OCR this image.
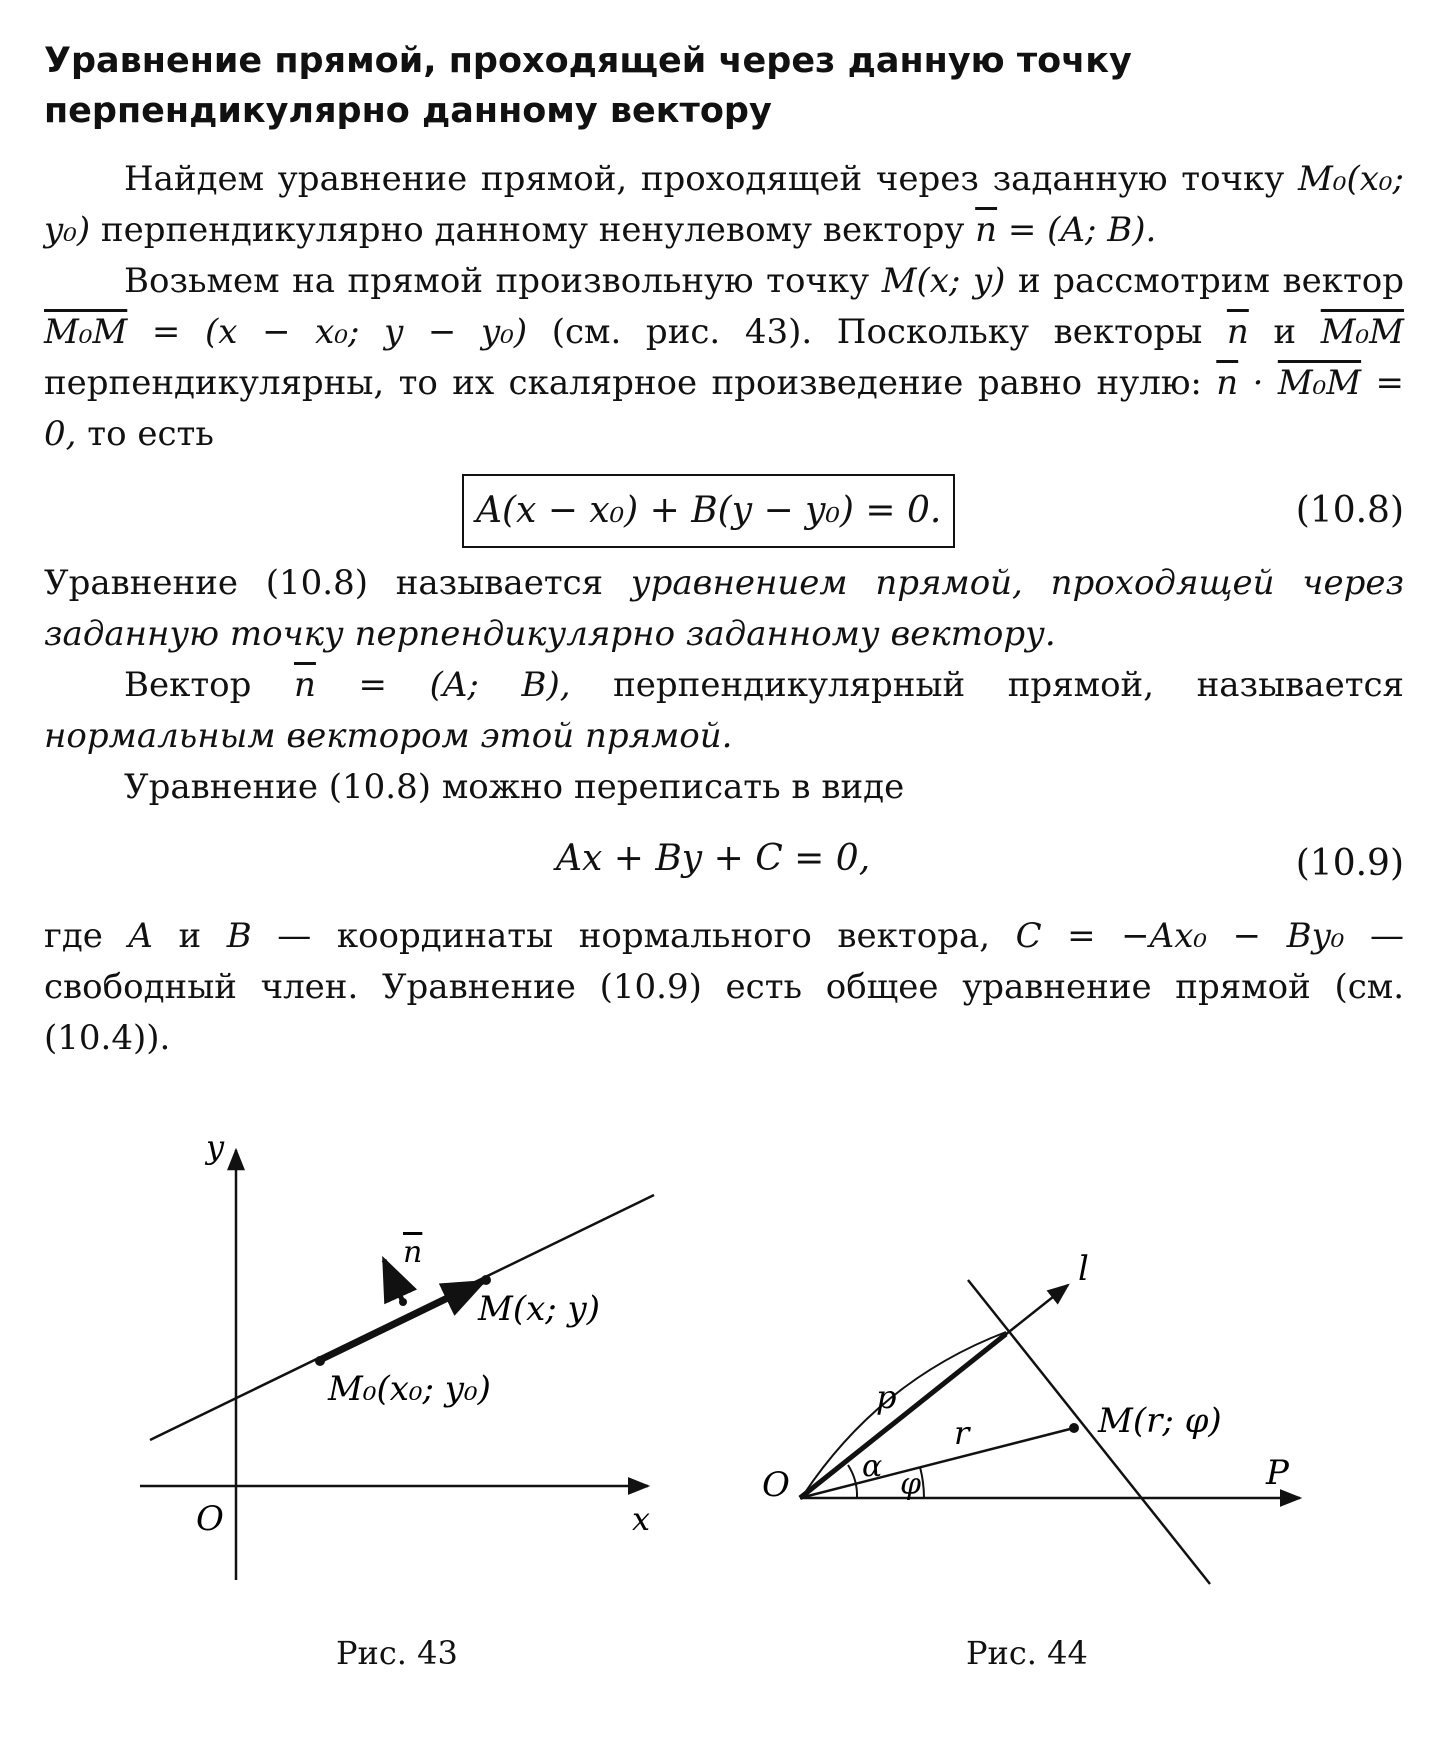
Уравнение прямой, проходящей через данную точку
перпендикулярно данному вектору

Найдем уравнение прямой, проходящей через заданную точку M₀(x₀; y₀) перпендикулярно данному ненулевому вектору $\overline{n} = (A$; B).

Возьмем на прямой произвольную точку M(x; y) и рассмотрим вектор M₀M = (x − x₀; y − y₀) (см. рис. 43). Поскольку векторы $\overline{n}$ и M₀M перпендикулярны, то их скалярное произведение равно нулю: $\overline{n} \cdot M_0M = 0$, то есть

A(x − x₀) + B(y − y₀) = 0.	(10.8)

Уравнение (10.8) называется уравнением прямой, проходящей через заданную точку перпендикулярно заданному вектору.

Вектор $\overline{n} = (A$; B), перпендикулярный прямой, называется нормальным вектором этой прямой.

Уравнение (10.8) можно переписать в виде

Ax + By + C = 0,	(10.9)

где A и B — координаты нормального вектора, C = −Ax₀ − By₀ — свободный член. Уравнение (10.9) есть общее уравнение прямой (см. (10.4)).

y
x
O
n
M(x; y)
M₀(x₀; y₀)
l
P
O
p
r
α
φ
M(r; φ)
Рис. 43	Рис. 44
